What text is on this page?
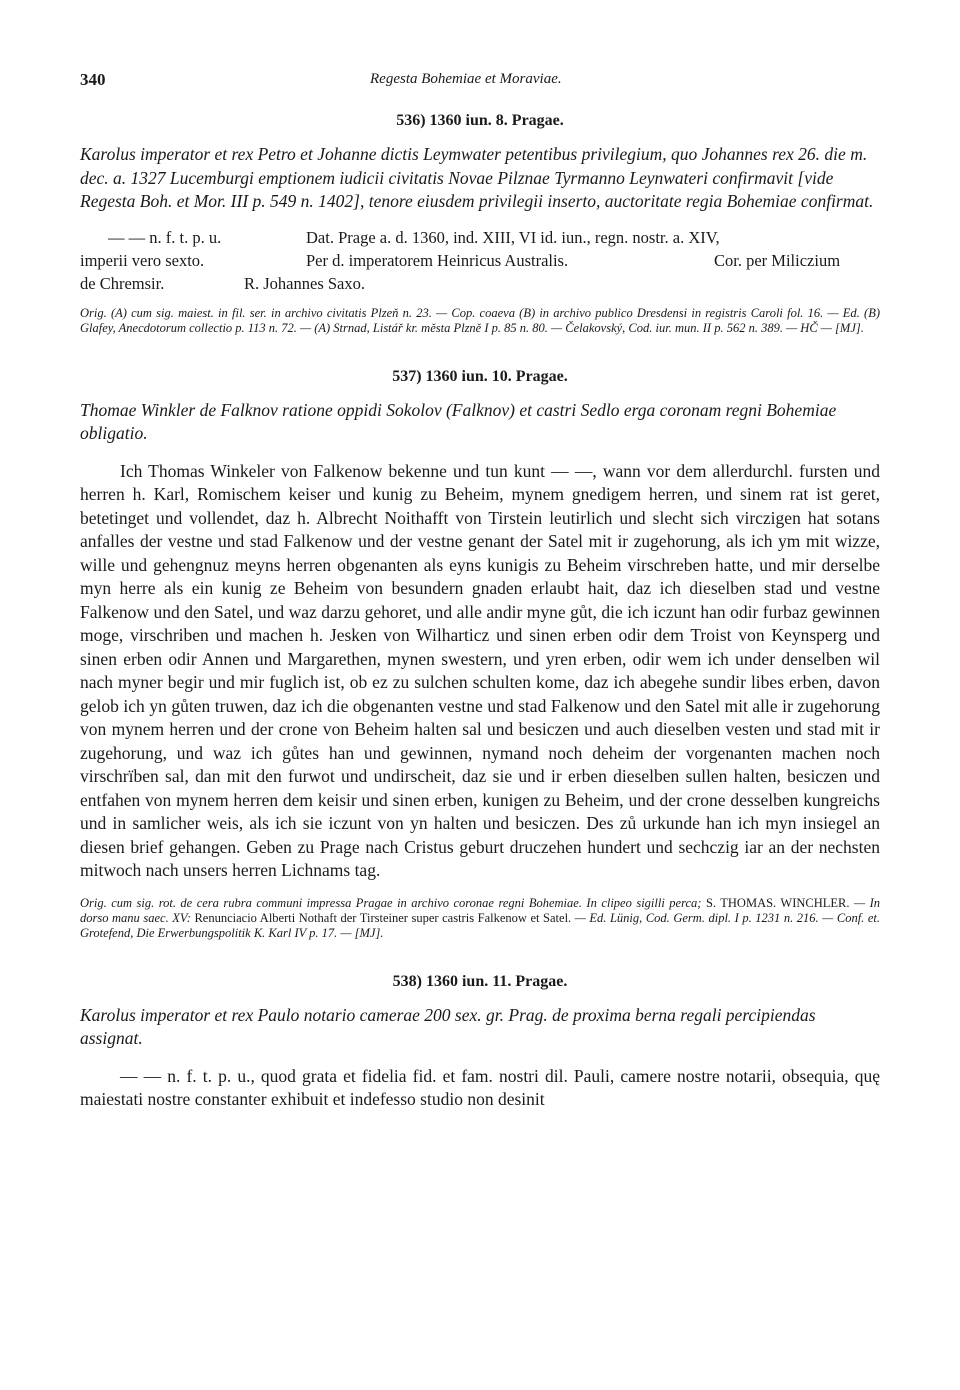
340	Regesta Bohemiae et Moraviae.

536) 1360 iun. 8. Pragae.

Karolus imperator et rex Petro et Johanne dictis Leymwater petentibus privilegium, quo Johannes rex 26. die m. dec. a. 1327 Lucemburgi emptionem iudicii civitatis Novae Pilznae Tyrmanno Leynwateri confirmavit [vide Regesta Boh. et Mor. III p. 549 n. 1402], tenore eiusdem privilegii inserto, auctoritate regia Bohemiae confirmat.

— — n. f. t. p. u.	Dat. Prage a. d. 1360, ind. XIII, VI id. iun., regn. nostr. a. XIV,
imperii vero sexto.	Per d. imperatorem Heinricus Australis.	Cor. per Miliczium
de Chremsir.	R. Johannes Saxo.

Orig. (A) cum sig. maiest. in fil. ser. in archivo civitatis Plzeň n. 23. — Cop. coaeva (B) in archivo publico Dresdensi in registris Caroli fol. 16. — Ed. (B) Glafey, Anecdotorum collectio p. 113 n. 72. — (A) Strnad, Listář kr. města Plzně I p. 85 n. 80. — Čelakovský, Cod. iur. mun. II p. 562 n. 389. — HČ — [MJ].

537) 1360 iun. 10. Pragae.

Thomae Winkler de Falknov ratione oppidi Sokolov (Falknov) et castri Sedlo erga coronam regni Bohemiae obligatio.

Ich Thomas Winkeler von Falkenow bekenne und tun kunt — —, wann vor dem allerdurchl. fursten und herren h. Karl, Romischem keiser und kunig zu Beheim, mynem gnedigem herren, und sinem rat ist geret, betetinget und vollendet, daz h. Albrecht Noithafft von Tirstein leutirlich und slecht sich virczigen hat sotans anfalles der vestne und stad Falkenow und der vestne genant der Satel mit ir zugehorung, als ich ym mit wizze, wille und gehengnuz meyns herren obgenanten als eyns kunigis zu Beheim virschreben hatte, und mir derselbe myn herre als ein kunig ze Beheim von besundern gnaden erlaubt hait, daz ich dieselben stad und vestne Falkenow und den Satel, und waz darzu gehoret, und alle andir myne gůt, die ich iczunt han odir furbaz gewinnen moge, virschriben und machen h. Jesken von Wilharticz und sinen erben odir dem Troist von Keynsperg und sinen erben odir Annen und Margarethen, mynen swestern, und yren erben, odir wem ich under denselben wil nach myner begir und mir fuglich ist, ob ez zu sulchen schulten kome, daz ich abegehe sundir libes erben, davon gelob ich yn gůten truwen, daz ich die obgenanten vestne und stad Falkenow und den Satel mit alle ir zugehorung von mynem herren und der crone von Beheim halten sal und besiczen und auch dieselben vesten und stad mit ir zugehorung, und waz ich gůtes han und gewinnen, nymand noch deheim der vorgenanten machen noch virschrïben sal, dan mit den furwot und undirscheit, daz sie und ir erben dieselben sullen halten, besiczen und entfahen von mynem herren dem keisir und sinen erben, kunigen zu Beheim, und der crone desselben kungreichs und in samlicher weis, als ich sie iczunt von yn halten und besiczen. Des zů urkunde han ich myn insiegel an diesen brief gehangen. Geben zu Prage nach Cristus geburt druczehen hundert und sechczig iar an der nechsten mitwoch nach unsers herren Lichnams tag.

Orig. cum sig. rot. de cera rubra communi impressa Pragae in archivo coronae regni Bohemiae. In clipeo sigilli perca; S. THOMAS. WINCHLER. — In dorso manu saec. XV: Renunciacio Alberti Nothaft der Tirsteiner super castris Falkenow et Satel. — Ed. Lünig, Cod. Germ. dipl. I p. 1231 n. 216. — Conf. et. Grotefend, Die Erwerbungspolitik K. Karl IV p. 17. — [MJ].

538) 1360 iun. 11. Pragae.

Karolus imperator et rex Paulo notario camerae 200 sex. gr. Prag. de proxima berna regali percipiendas assignat.

— — n. f. t. p. u., quod grata et fidelia fid. et fam. nostri dil. Pauli, camere nostre notarii, obsequia, quę maiestati nostre constanter exhibuit et indefesso studio non desinit
